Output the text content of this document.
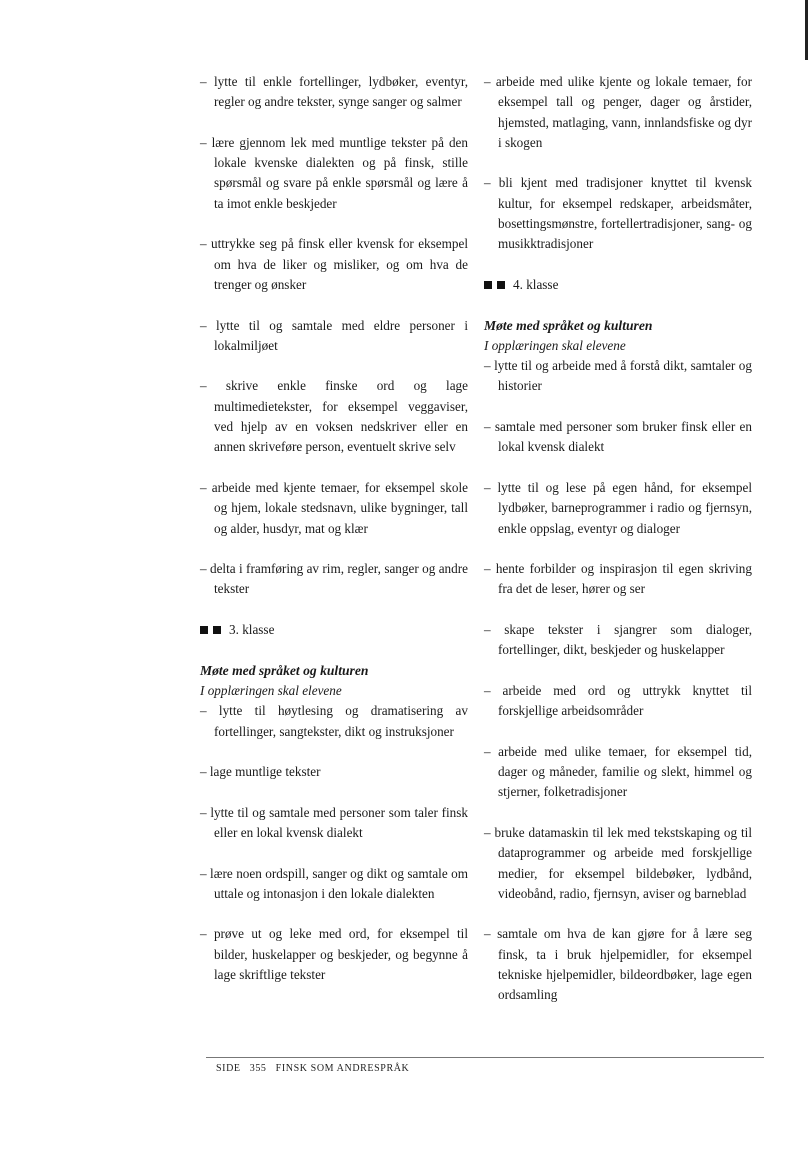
– lytte til enkle fortellinger, lydbøker, eventyr, regler og andre tekster, synge sanger og salmer

– lære gjennom lek med muntlige tekster på den lokale kvenske dialekten og på finsk, stille spørsmål og svare på enkle spørsmål og lære å ta imot enkle beskjeder

– uttrykke seg på finsk eller kvensk for eksempel om hva de liker og misliker, og om hva de trenger og ønsker

– lytte til og samtale med eldre personer i lokalmiljøet

– skrive enkle finske ord og lage multimedietekster, for eksempel veggaviser, ved hjelp av en voksen nedskriver eller en annen skriveføre person, eventuelt skrive selv

– arbeide med kjente temaer, for eksempel skole og hjem, lokale stedsnavn, ulike bygninger, tall og alder, husdyr, mat og klær

– delta i framføring av rim, regler, sanger og andre tekster

3. klasse

Møte med språket og kulturen

I opplæringen skal elevene

– lytte til høytlesing og dramatisering av fortellinger, sangtekster, dikt og instruksjoner

– lage muntlige tekster

– lytte til og samtale med personer som taler finsk eller en lokal kvensk dialekt

– lære noen ordspill, sanger og dikt og samtale om uttale og intonasjon i den lokale dialekten

– prøve ut og leke med ord, for eksempel til bilder, huskelapper og beskjeder, og begynne å lage skriftlige tekster

– arbeide med ulike kjente og lokale temaer, for eksempel tall og penger, dager og årstider, hjemsted, matlaging, vann, innlandsfiske og dyr i skogen

– bli kjent med tradisjoner knyttet til kvensk kultur, for eksempel redskaper, arbeidsmåter, bosettingsmønstre, fortellertradisjoner, sang- og musikktradisjoner

4. klasse

Møte med språket og kulturen

I opplæringen skal elevene

– lytte til og arbeide med å forstå dikt, samtaler og historier

– samtale med personer som bruker finsk eller en lokal kvensk dialekt

– lytte til og lese på egen hånd, for eksempel lydbøker, barneprogrammer i radio og fjernsyn, enkle oppslag, eventyr og dialoger

– hente forbilder og inspirasjon til egen skriving fra det de leser, hører og ser

– skape tekster i sjangrer som dialoger, fortellinger, dikt, beskjeder og huskelapper

– arbeide med ord og uttrykk knyttet til forskjellige arbeidsområder

– arbeide med ulike temaer, for eksempel tid, dager og måneder, familie og slekt, himmel og stjerner, folketradisjoner

– bruke datamaskin til lek med tekstskaping og til dataprogrammer og arbeide med forskjellige medier, for eksempel bildebøker, lydbånd, videobånd, radio, fjernsyn, aviser og barneblad

– samtale om hva de kan gjøre for å lære seg finsk, ta i bruk hjelpemidler, for eksempel tekniske hjelpemidler, bildeordbøker, lage egen ordsamling

SIDE 355 FINSK SOM ANDRESPRÅK
